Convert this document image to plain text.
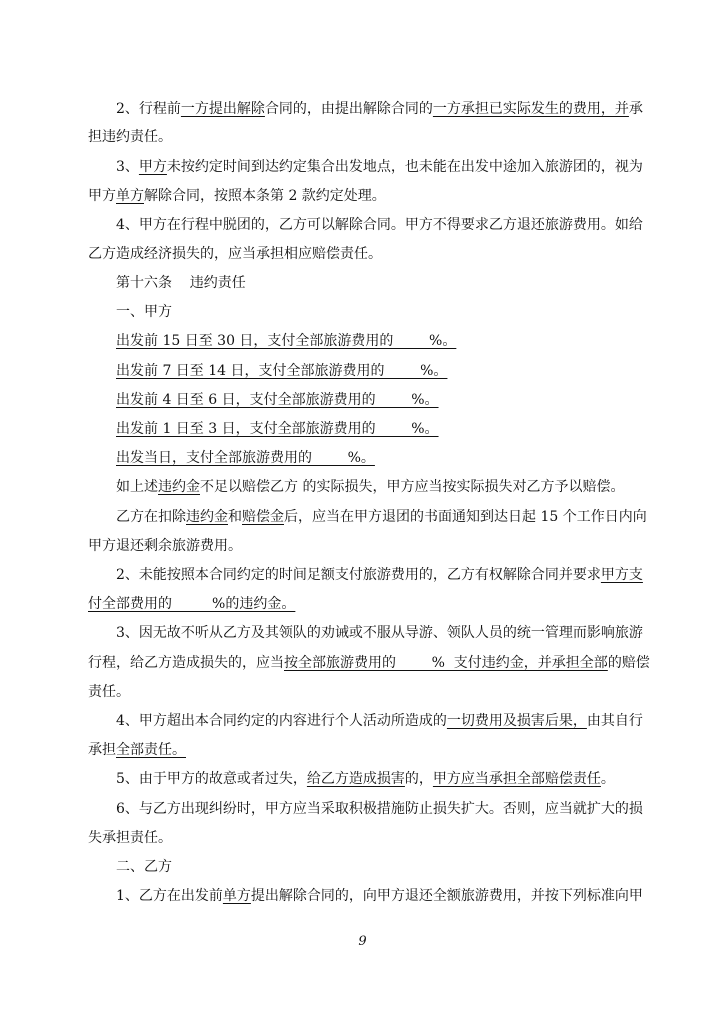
2、行程前一方提出解除合同的，由提出解除合同的一方承担已实际发生的费用，并承
担违约责任。
3、甲方未按约定时间到达约定集合出发地点，也未能在出发中途加入旅游团的，视为
甲方单方解除合同，按照本条第 2 款约定处理。
4、甲方在行程中脱团的，乙方可以解除合同。甲方不得要求乙方退还旅游费用。如给
乙方造成经济损失的，应当承担相应赔偿责任。
第十六条    违约责任
一、甲方
出发前 15 日至 30 日，支付全部旅游费用的        %。
出发前 7 日至 14 日，支付全部旅游费用的        %。
出发前 4 日至 6 日，支付全部旅游费用的        %。
出发前 1 日至 3 日，支付全部旅游费用的        %。
出发当日，支付全部旅游费用的        %。
如上述违约金不足以赔偿乙方 的实际损失，甲方应当按实际损失对乙方予以赔偿。
乙方在扣除违约金和赔偿金后，应当在甲方退团的书面通知到达日起 15 个工作日内向
甲方退还剩余旅游费用。
2、未能按照本合同约定的时间足额支付旅游费用的，乙方有权解除合同并要求甲方支
付全部费用的         %的违约金。
3、因无故不听从乙方及其领队的劝诫或不服从导游、领队人员的统一管理而影响旅游
行程，给乙方造成损失的，应当按全部旅游费用的        %  支付违约金，并承担全部的赔偿
责任。
4、甲方超出本合同约定的内容进行个人活动所造成的一切费用及损害后果，由其自行
承担全部责任。
5、由于甲方的故意或者过失，给乙方造成损害的，甲方应当承担全部赔偿责任。
6、与乙方出现纠纷时，甲方应当采取积极措施防止损失扩大。否则，应当就扩大的损
失承担责任。
二、乙方
1、乙方在出发前单方提出解除合同的，向甲方退还全额旅游费用，并按下列标准向甲
9
